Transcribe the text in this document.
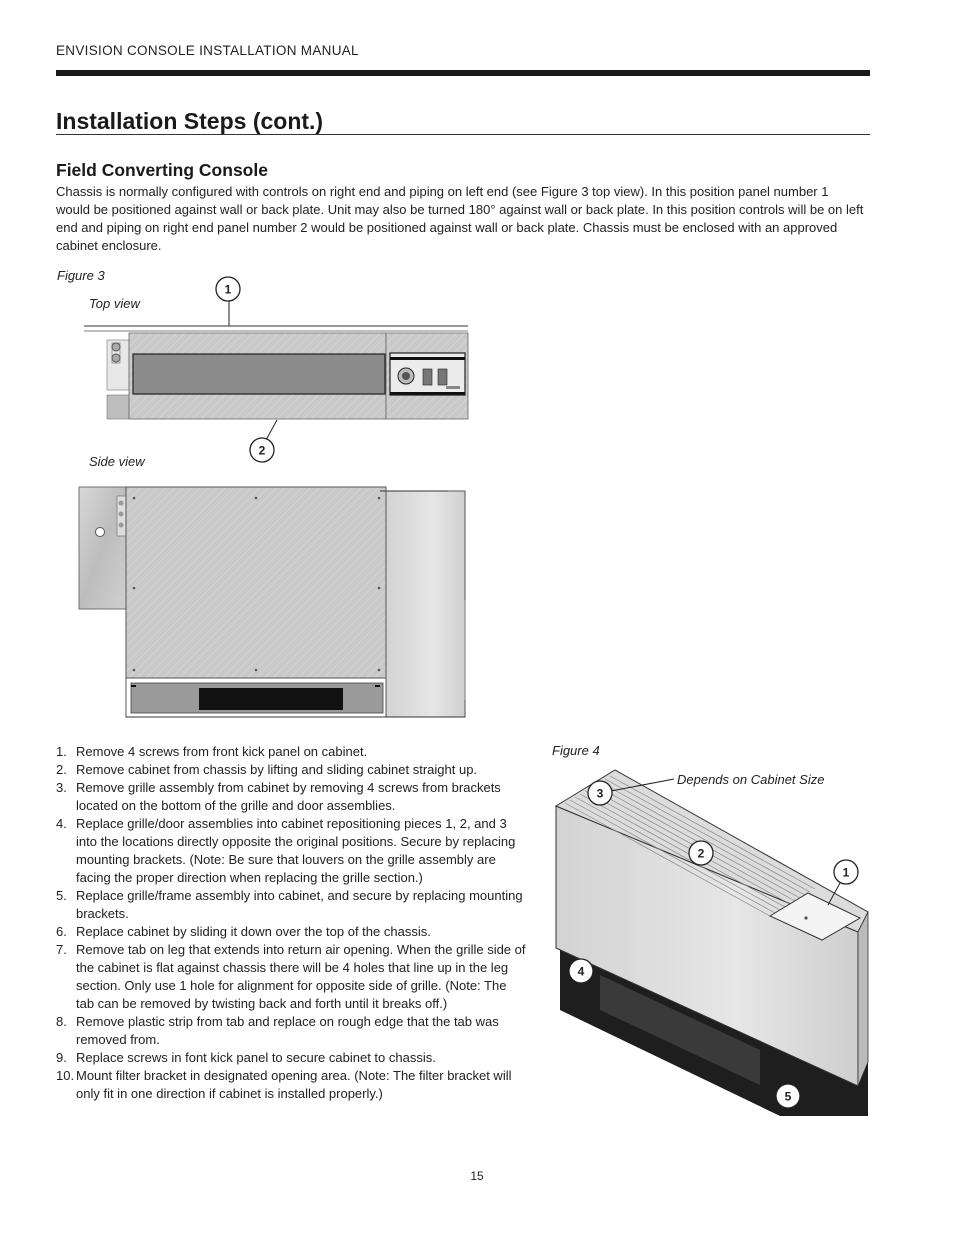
ENVISION CONSOLE INSTALLATION MANUAL
Installation Steps (cont.)
Field Converting Console
Chassis is normally configured with controls on right end and piping on left end (see Figure 3 top view). In this position panel number 1 would be positioned against wall or back plate. Unit may also be turned 180° against wall or back plate. In this position controls will be on left end and piping on right end panel number 2 would be positioned against wall or back plate. Chassis must be enclosed with an approved cabinet enclosure.
Figure 3
Top view
Side view
1
2
3
2
1
4
5
Figure 4
Depends on Cabinet Size
1. Remove 4 screws from front kick panel on cabinet.
2. Remove cabinet from chassis by lifting and sliding cabinet straight up.
3. Remove grille assembly from cabinet by removing 4 screws from brackets located on the bottom of the grille and door assemblies.
4. Replace grille/door assemblies into cabinet repositioning pieces 1, 2, and 3 into the locations directly opposite the original positions. Secure by replacing mounting brackets. (Note: Be sure that louvers on the grille assembly are facing the proper direction when replacing the grille section.)
5. Replace grille/frame assembly into cabinet, and secure by replacing mounting brackets.
6. Replace cabinet by sliding it down over the top of the chassis.
7. Remove tab on leg that extends into return air opening. When the grille side of the cabinet is flat against chassis there will be 4 holes that line up in the leg section. Only use 1 hole for alignment for opposite side of grille. (Note: The tab can be removed by twisting back and forth until it breaks off.)
8. Remove plastic strip from tab and replace on rough edge that the tab was removed from.
9. Replace screws in font kick panel to secure cabinet to chassis.
10. Mount filter bracket in designated opening area. (Note: The filter bracket will only fit in one direction if cabinet is installed properly.)
15
